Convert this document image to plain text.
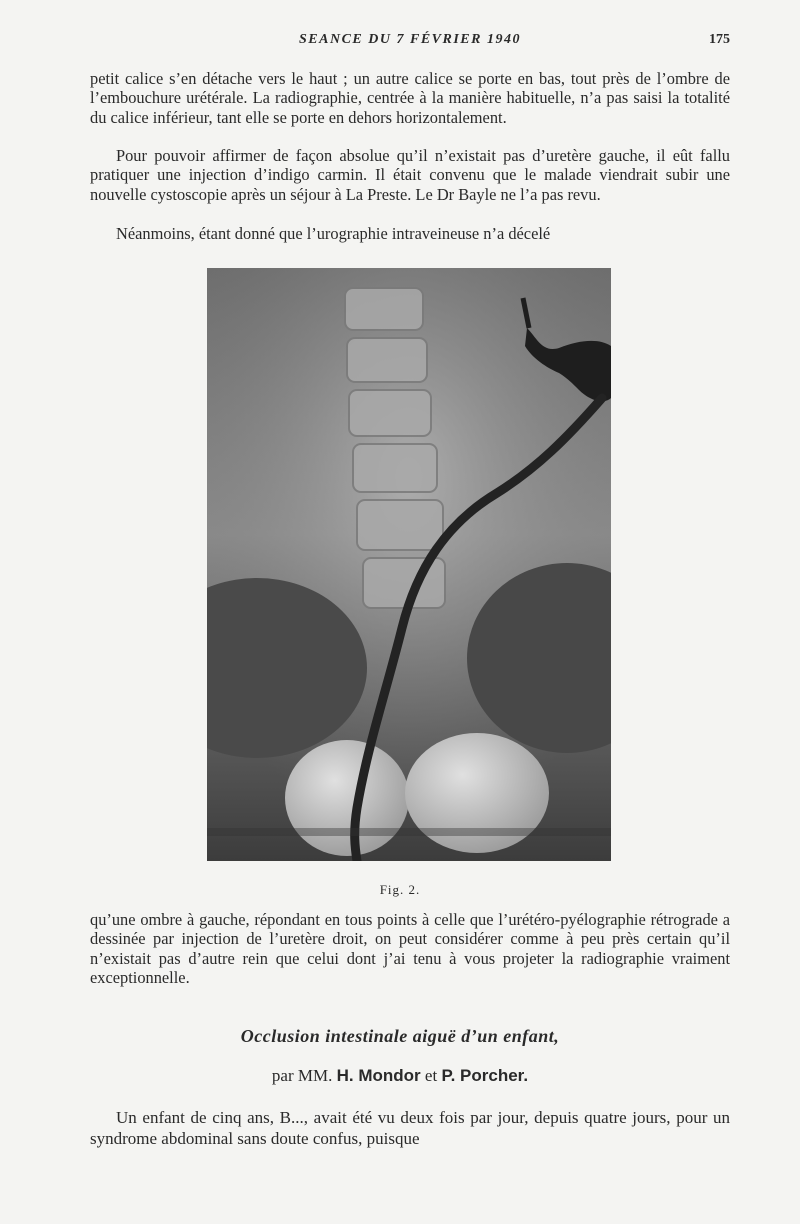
SEANCE DU 7 FÉVRIER 1940	175

petit calice s’en détache vers le haut ; un autre calice se porte en bas, tout près de l’ombre de l’embouchure urétérale. La radiographie, centrée à la manière habituelle, n’a pas saisi la totalité du calice inférieur, tant elle se porte en dehors horizontalement.

Pour pouvoir affirmer de façon absolue qu’il n’existait pas d’uretère gauche, il eût fallu pratiquer une injection d’indigo carmin. Il était convenu que le malade viendrait subir une nouvelle cystoscopie après un séjour à La Preste. Le Dr Bayle ne l’a pas revu.

Néanmoins, étant donné que l’urographie intraveineuse n’a décelé

Fig. 2.

qu’une ombre à gauche, répondant en tous points à celle que l’urétéro-pyélographie rétrograde a dessinée par injection de l’uretère droit, on peut considérer comme à peu près certain qu’il n’existait pas d’autre rein que celui dont j’ai tenu à vous projeter la radiographie vraiment exceptionnelle.

Occlusion intestinale aiguë d’un enfant,
par MM. H. Mondor et P. Porcher.

Un enfant de cinq ans, B..., avait été vu deux fois par jour, depuis quatre jours, pour un syndrome abdominal sans doute confus, puisque
